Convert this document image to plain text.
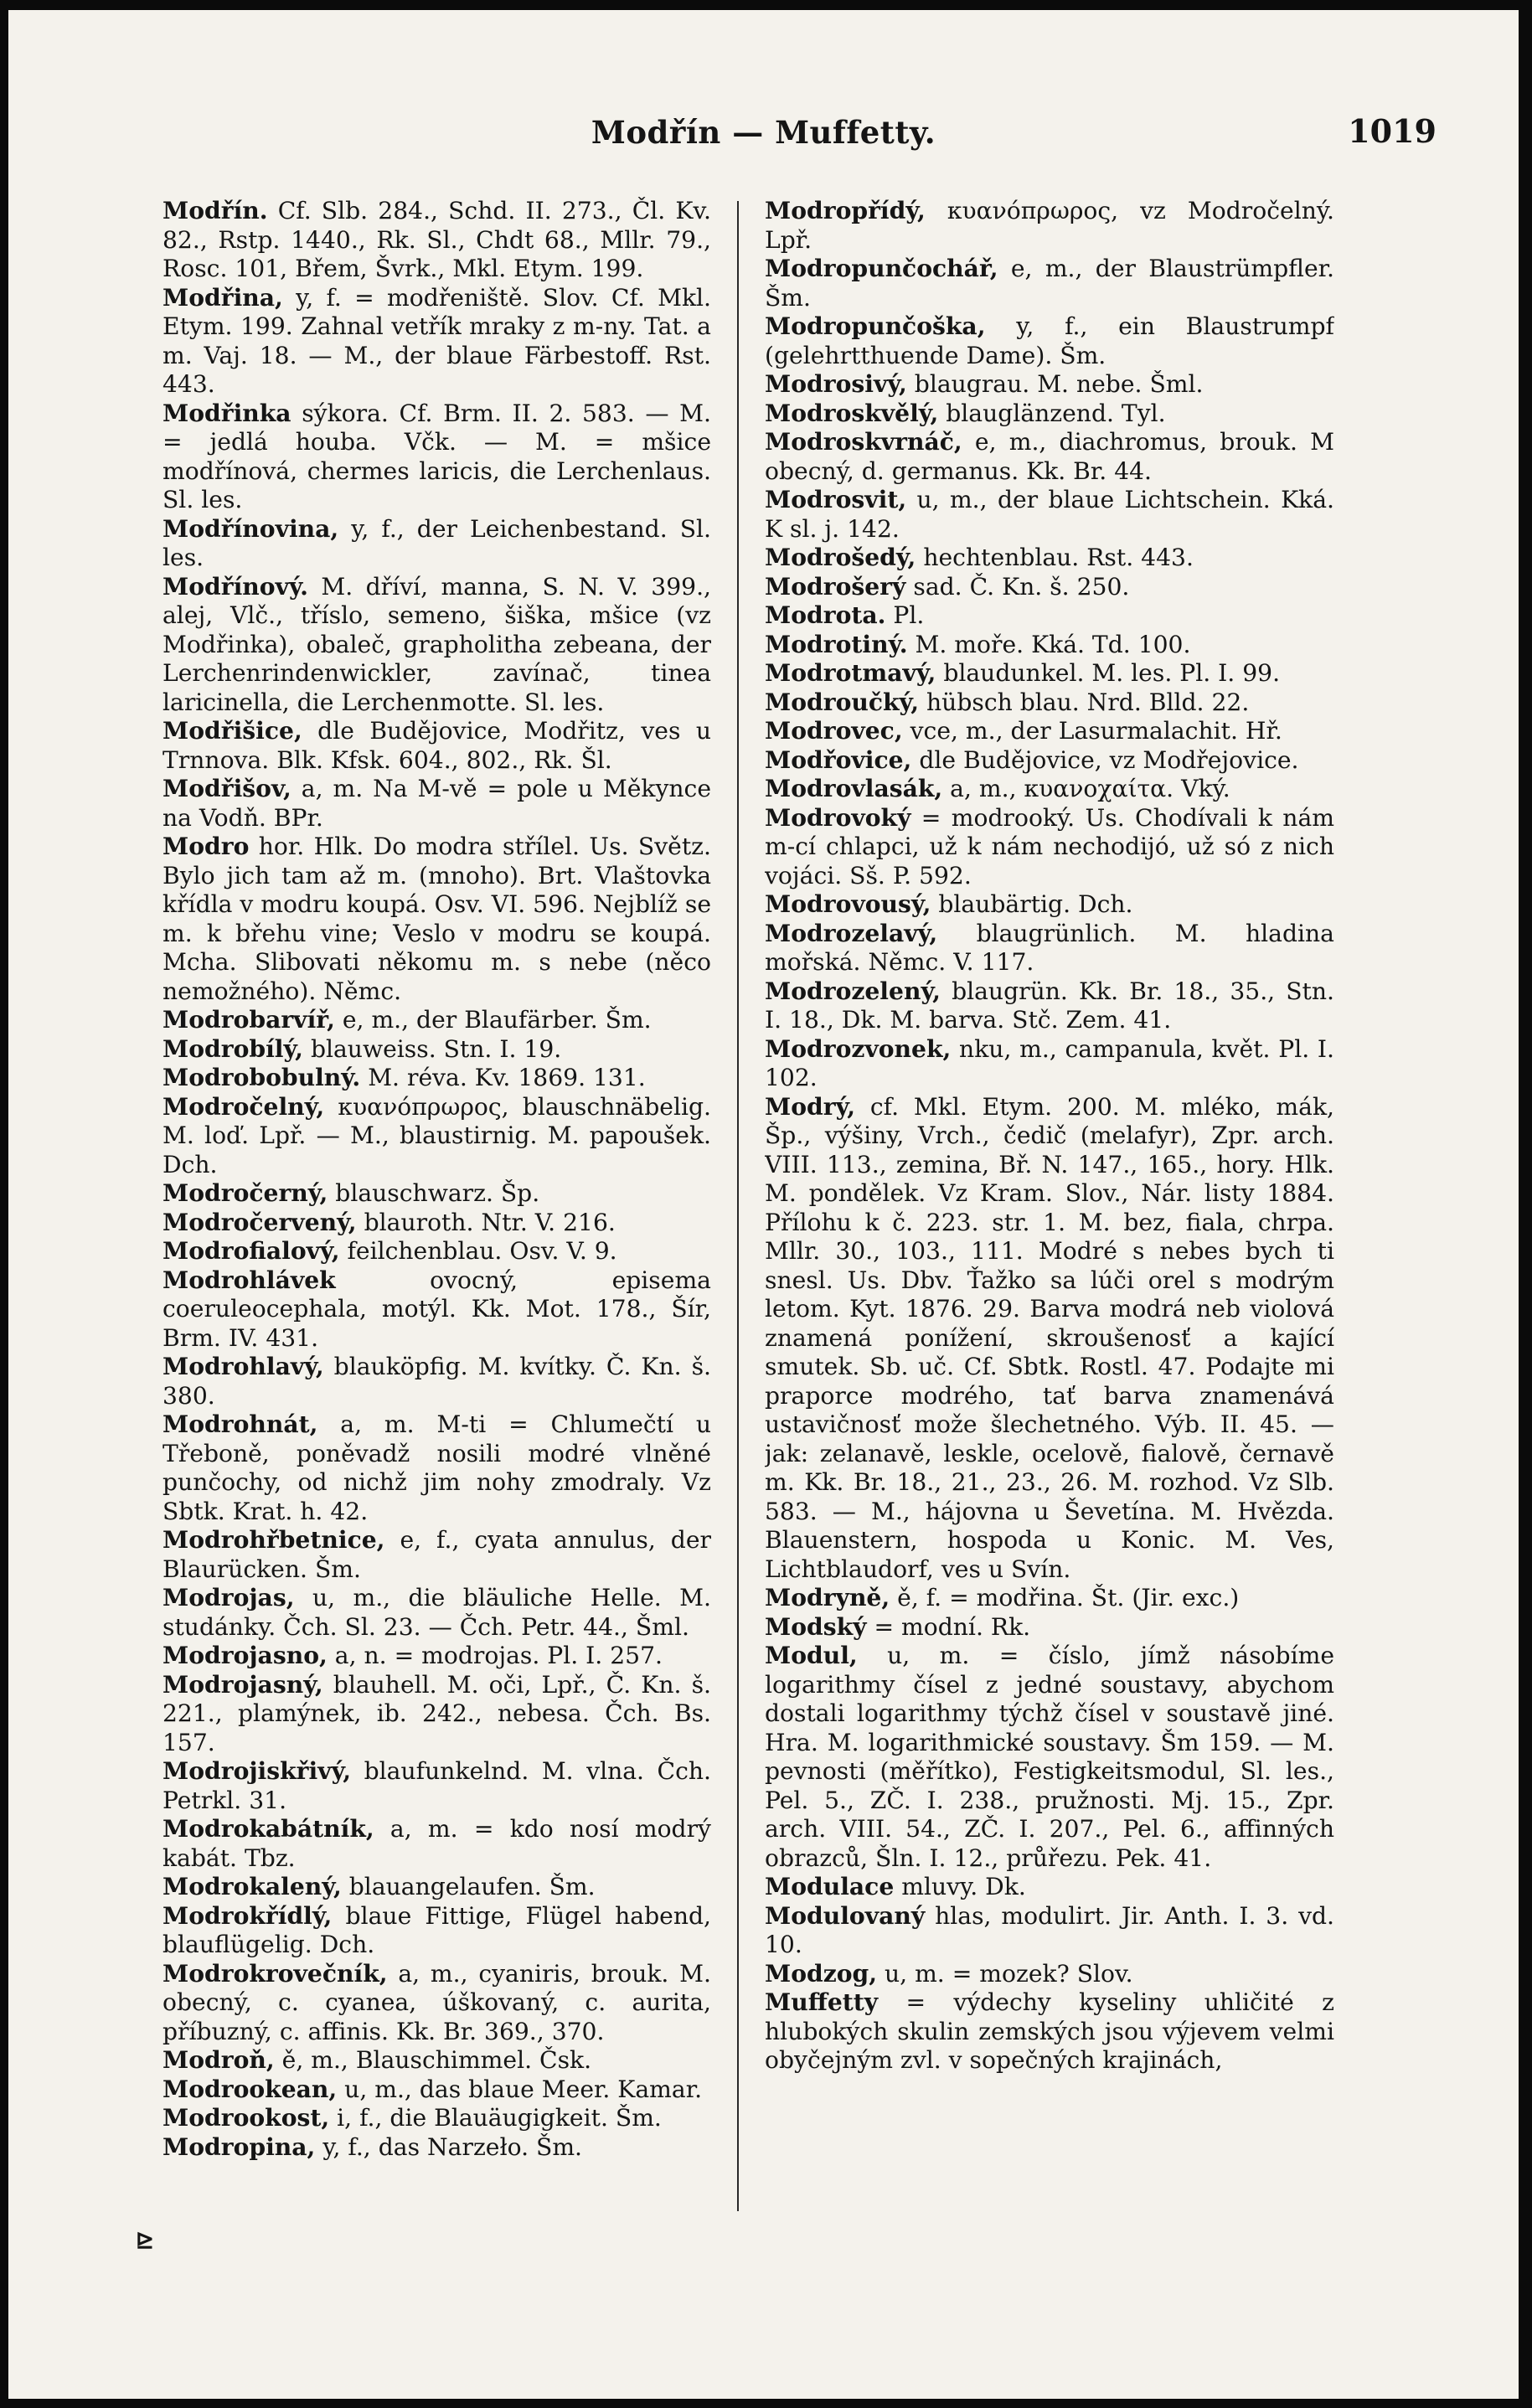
Modřín — Muffetty.	1019

Modřín. Cf. Slb. 284., Schd. II. 273., Čl. Kv. 82., Rstp. 1440., Rk. Sl., Chdt 68., Mllr. 79., Rosc. 101, Břem, Švrk., Mkl. Etym. 199.

Modřina, y, f. = modřeniště. Slov. Cf. Mkl. Etym. 199. Zahnal vetřík mraky z m-ny. Tat. a m. Vaj. 18. — M., der blaue Färbestoff. Rst. 443.

Modřinka sýkora. Cf. Brm. II. 2. 583. — M. = jedlá houba. Včk. — M. = mšice modřínová, chermes laricis, die Lerchenlaus. Sl. les.

Modřínovina, y, f., der Leichenbestand. Sl. les.

Modřínový. M. dříví, manna, S. N. V. 399., alej, Vlč., tříslo, semeno, šiška, mšice (vz Modřinka), obaleč, grapholitha zebeana, der Lerchenrindenwickler, zavínač, tinea laricinella, die Lerchenmotte. Sl. les.

Modřišice, dle Budějovice, Modřitz, ves u Trnnova. Blk. Kfsk. 604., 802., Rk. Šl.

Modřišov, a, m. Na M-vě = pole u Měkynce na Vodň. BPr.

Modro hor. Hlk. Do modra střílel. Us. Světz. Bylo jich tam až m. (mnoho). Brt. Vlaštovka křídla v modru koupá. Osv. VI. 596. Nejblíž se m. k břehu vine; Veslo v modru se koupá. Mcha. Slibovati někomu m. s nebe (něco nemožného). Němc.

Modrobarvíř, e, m., der Blaufärber. Šm.

Modrobílý, blauweiss. Stn. I. 19.

Modrobobulný. M. réva. Kv. 1869. 131.

Modročelný, κυανόπρωρος, blauschnäbelig. M. loď. Lpř. — M., blaustirnig. M. papoušek. Dch.

Modročerný, blauschwarz. Šp.

Modročervený, blauroth. Ntr. V. 216.

Modrofialový, feilchenblau. Osv. V. 9.

Modrohlávek ovocný, episema coeruleocephala, motýl. Kk. Mot. 178., Šír, Brm. IV. 431.

Modrohlavý, blauköpfig. M. kvítky. Č. Kn. š. 380.

Modrohnát, a, m. M-ti = Chlumečtí u Třeboně, poněvadž nosili modré vlněné punčochy, od nichž jim nohy zmodraly. Vz Sbtk. Krat. h. 42.

Modrohřbetnice, e, f., cyata annulus, der Blaurücken. Šm.

Modrojas, u, m., die bläuliche Helle. M. studánky. Čch. Sl. 23. — Čch. Petr. 44., Šml.

Modrojasno, a, n. = modrojas. Pl. I. 257.

Modrojasný, blauhell. M. oči, Lpř., Č. Kn. š. 221., plamýnek, ib. 242., nebesa. Čch. Bs. 157.

Modrojiskřivý, blaufunkelnd. M. vlna. Čch. Petrkl. 31.

Modrokabátník, a, m. = kdo nosí modrý kabát. Tbz.

Modrokalený, blauangelaufen. Šm.

Modrokřídlý, blaue Fittige, Flügel habend, blauflügelig. Dch.

Modrokrovečník, a, m., cyaniris, brouk. M. obecný, c. cyanea, úškovaný, c. aurita, příbuzný, c. affinis. Kk. Br. 369., 370.

Modroň, ě, m., Blauschimmel. Čsk.

Modrookean, u, m., das blaue Meer. Kamar.

Modrookost, i, f., die Blauäugigkeit. Šm.

Modropina, y, f., das Narzeło. Šm.

Modropřídý, κυανόπρωρος, vz Modročelný. Lpř.

Modropunčochář, e, m., der Blaustrümpfler. Šm.

Modropunčoška, y, f., ein Blaustrumpf (gelehrtthuende Dame). Šm.

Modrosivý, blaugrau. M. nebe. Šml.

Modroskvělý, blauglänzend. Tyl.

Modroskvrnáč, e, m., diachromus, brouk. M obecný, d. germanus. Kk. Br. 44.

Modrosvit, u, m., der blaue Lichtschein. Kká. K sl. j. 142.

Modrošedý, hechtenblau. Rst. 443.

Modrošerý sad. Č. Kn. š. 250.

Modrota. Pl.

Modrotiný. M. moře. Kká. Td. 100.

Modrotmavý, blaudunkel. M. les. Pl. I. 99.

Modroučký, hübsch blau. Nrd. Blld. 22.

Modrovec, vce, m., der Lasurmalachit. Hř.

Modřovice, dle Budějovice, vz Modřejovice.

Modrovlasák, a, m., κυανοχαίτα. Vký.

Modrovoký = modrooký. Us. Chodívali k nám m-cí chlapci, už k nám nechodijó, už só z nich vojáci. Sš. P. 592.

Modrovousý, blaubärtig. Dch.

Modrozelavý, blaugrünlich. M. hladina mořská. Němc. V. 117.

Modrozelený, blaugrün. Kk. Br. 18., 35., Stn. I. 18., Dk. M. barva. Stč. Zem. 41.

Modrozvonek, nku, m., campanula, květ. Pl. I. 102.

Modrý, cf. Mkl. Etym. 200. M. mléko, mák, Šp., výšiny, Vrch., čedič (melafyr), Zpr. arch. VIII. 113., zemina, Bř. N. 147., 165., hory. Hlk. M. pondělek. Vz Kram. Slov., Nár. listy 1884. Přílohu k č. 223. str. 1. M. bez, fiala, chrpa. Mllr. 30., 103., 111. Modré s nebes bych ti snesl. Us. Dbv. Ťažko sa lúči orel s modrým letom. Kyt. 1876. 29. Barva modrá neb violová znamená ponížení, skroušenosť a kající smutek. Sb. uč. Cf. Sbtk. Rostl. 47. Podajte mi praporce modrého, tať barva znamenává ustavičnosť može šlechetného. Výb. II. 45. — jak: zelanavě, leskle, ocelově, fialově, černavě m. Kk. Br. 18., 21., 23., 26. M. rozhod. Vz Slb. 583. — M., hájovna u Ševetína. M. Hvězda. Blauenstern, hospoda u Konic. M. Ves, Lichtblaudorf, ves u Svín.

Modryně, ě, f. = modřina. Št. (Jir. exc.)

Modský = modní. Rk.

Modul, u, m. = číslo, jímž násobíme logarithmy čísel z jedné soustavy, abychom dostali logarithmy týchž čísel v soustavě jiné. Hra. M. logarithmické soustavy. Šm 159. — M. pevnosti (měřítko), Festigkeitsmodul, Sl. les., Pel. 5., ZČ. I. 238., pružnosti. Mj. 15., Zpr. arch. VIII. 54., ZČ. I. 207., Pel. 6., affinných obrazců, Šln. I. 12., průřezu. Pek. 41.

Modulace mluvy. Dk.

Modulovaný hlas, modulirt. Jir. Anth. I. 3. vd. 10.

Modzog, u, m. = mozek? Slov.

Muffetty = výdechy kyseliny uhličité z hlubokých skulin zemských jsou výjevem velmi obyčejným zvl. v sopečných krajinách,

⊵
